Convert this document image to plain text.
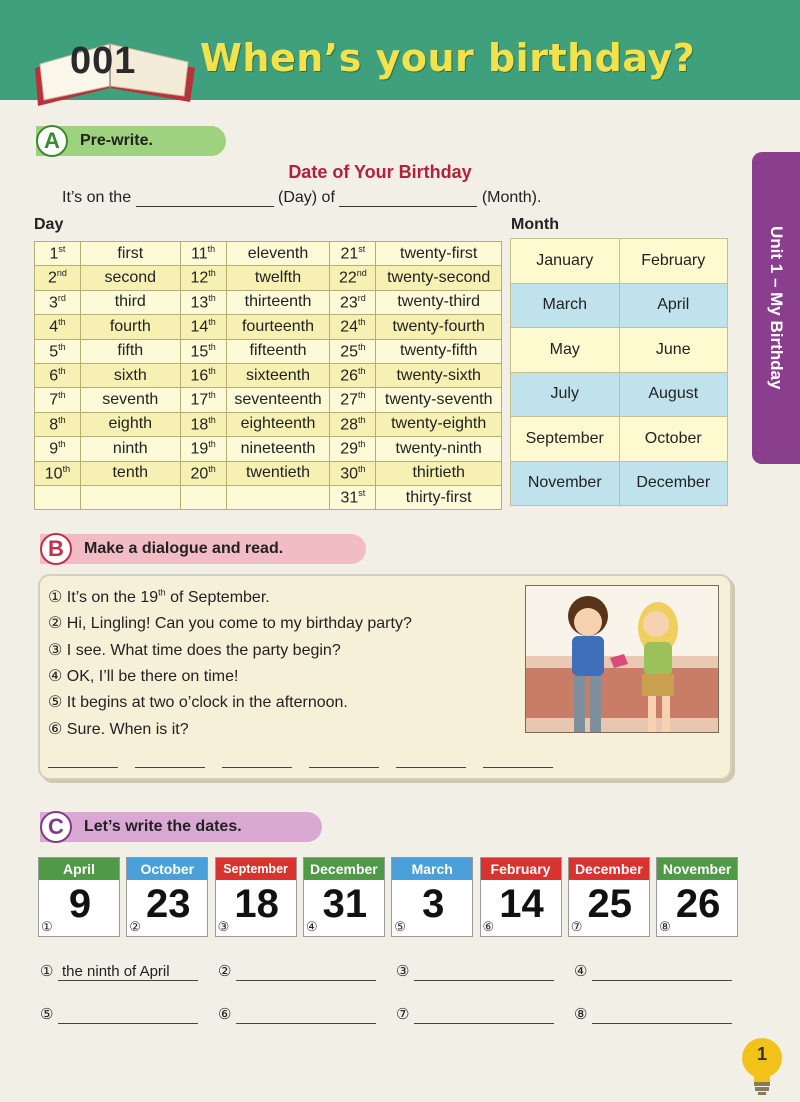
001 When’s your birthday?
Unit 1 – My Birthday
A	Pre-write.
Date of Your Birthday
It’s on the	(Day) of	(Month).
Day	Month
1st	first	11th	eleventh	21st	twenty-first
2nd	second	12th	twelfth	22nd	twenty-second
3rd	third	13th	thirteenth	23rd	twenty-third
4th	fourth	14th	fourteenth	24th	twenty-fourth
5th	fifth	15th	fifteenth	25th	twenty-fifth
6th	sixth	16th	sixteenth	26th	twenty-sixth
7th	seventh	17th	seventeenth	27th	twenty-seventh
8th	eighth	18th	eighteenth	28th	twenty-eighth
9th	ninth	19th	nineteenth	29th	twenty-ninth
10th	tenth	20th	twentieth	30th	thirtieth
				31st	thirty-first
January	February
March	April
May	June
July	August
September	October
November	December
B	Make a dialogue and read.
① It’s on the 19th of September.
② Hi, Lingling! Can you come to my birthday party?
③ I see. What time does the party begin?
④ OK, I’ll be there on time!
⑤ It begins at two o’clock in the afternoon.
⑥ Sure. When is it?
C	Let’s write the dates.
April
9
①
October
23
②
September
18
③
December
31
④
March
3
⑤
February
14
⑥
December
25
⑦
November
26
⑧
① the ninth of April	②	③	④
⑤	⑥	⑦	⑧
1
